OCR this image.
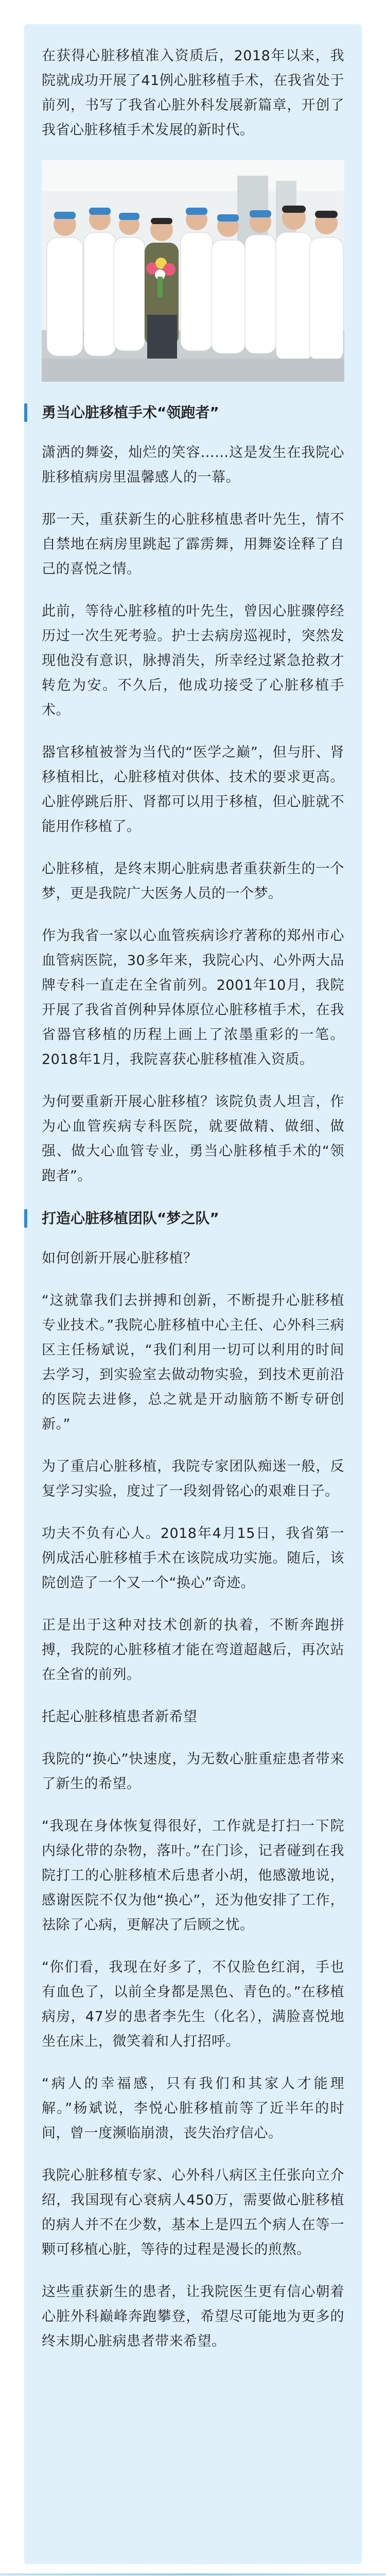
在获得心脏移植准入资质后，2018年以来，我院就成功开展了41例心脏移植手术，在我省处于前列，书写了我省心脏外科发展新篇章，开创了我省心脏移植手术发展的新时代。

勇当心脏移植手术“领跑者”

潇洒的舞姿，灿烂的笑容……这是发生在我院心脏移植病房里温馨感人的一幕。

那一天，重获新生的心脏移植患者叶先生，情不自禁地在病房里跳起了霹雳舞，用舞姿诠释了自己的喜悦之情。

此前，等待心脏移植的叶先生，曾因心脏骤停经历过一次生死考验。护士去病房巡视时，突然发现他没有意识，脉搏消失，所幸经过紧急抢救才转危为安。不久后，他成功接受了心脏移植手术。

器官移植被誉为当代的“医学之巅”，但与肝、肾移植相比，心脏移植对供体、技术的要求更高。心脏停跳后肝、肾都可以用于移植，但心脏就不能用作移植了。

心脏移植，是终末期心脏病患者重获新生的一个梦，更是我院广大医务人员的一个梦。

作为我省一家以心血管疾病诊疗著称的郑州市心血管病医院，30多年来，我院心内、心外两大品牌专科一直走在全省前列。2001年10月，我院开展了我省首例种异体原位心脏移植手术，在我省器官移植的历程上画上了浓墨重彩的一笔。2018年1月，我院喜获心脏移植准入资质。

为何要重新开展心脏移植？该院负责人坦言，作为心血管疾病专科医院，就要做精、做细、做强、做大心血管专业，勇当心脏移植手术的“领跑者”。

打造心脏移植团队“梦之队”

如何创新开展心脏移植？

“这就靠我们去拼搏和创新，不断提升心脏移植专业技术。”我院心脏移植中心主任、心外科三病区主任杨斌说，“我们利用一切可以利用的时间去学习，到实验室去做动物实验，到技术更前沿的医院去进修，总之就是开动脑筋不断专研创新。”

为了重启心脏移植，我院专家团队痴迷一般，反复学习实验，度过了一段刻骨铭心的艰难日子。

功夫不负有心人。2018年4月15日，我省第一例成活心脏移植手术在该院成功实施。随后，该院创造了一个又一个“换心”奇迹。

正是出于这种对技术创新的执着，不断奔跑拼搏，我院的心脏移植才能在弯道超越后，再次站在全省的前列。

托起心脏移植患者新希望

我院的“换心”快速度，为无数心脏重症患者带来了新生的希望。

“我现在身体恢复得很好，工作就是打扫一下院内绿化带的杂物，落叶。”在门诊，记者碰到在我院打工的心脏移植术后患者小胡，他感激地说，感谢医院不仅为他“换心”，还为他安排了工作，祛除了心病，更解决了后顾之忧。

“你们看，我现在好多了，不仅脸色红润，手也有血色了，以前全身都是黑色、青色的。”在移植病房，47岁的患者李先生（化名），满脸喜悦地坐在床上，微笑着和人打招呼。

“病人的幸福感，只有我们和其家人才能理解。”杨斌说，李悦心脏移植前等了近半年的时间，曾一度濒临崩溃，丧失治疗信心。

我院心脏移植专家、心外科八病区主任张向立介绍，我国现有心衰病人450万，需要做心脏移植的病人并不在少数，基本上是四五个病人在等一颗可移植心脏，等待的过程是漫长的煎熬。

这些重获新生的患者，让我院医生更有信心朝着心脏外科巅峰奔跑攀登，希望尽可能地为更多的终末期心脏病患者带来希望。
